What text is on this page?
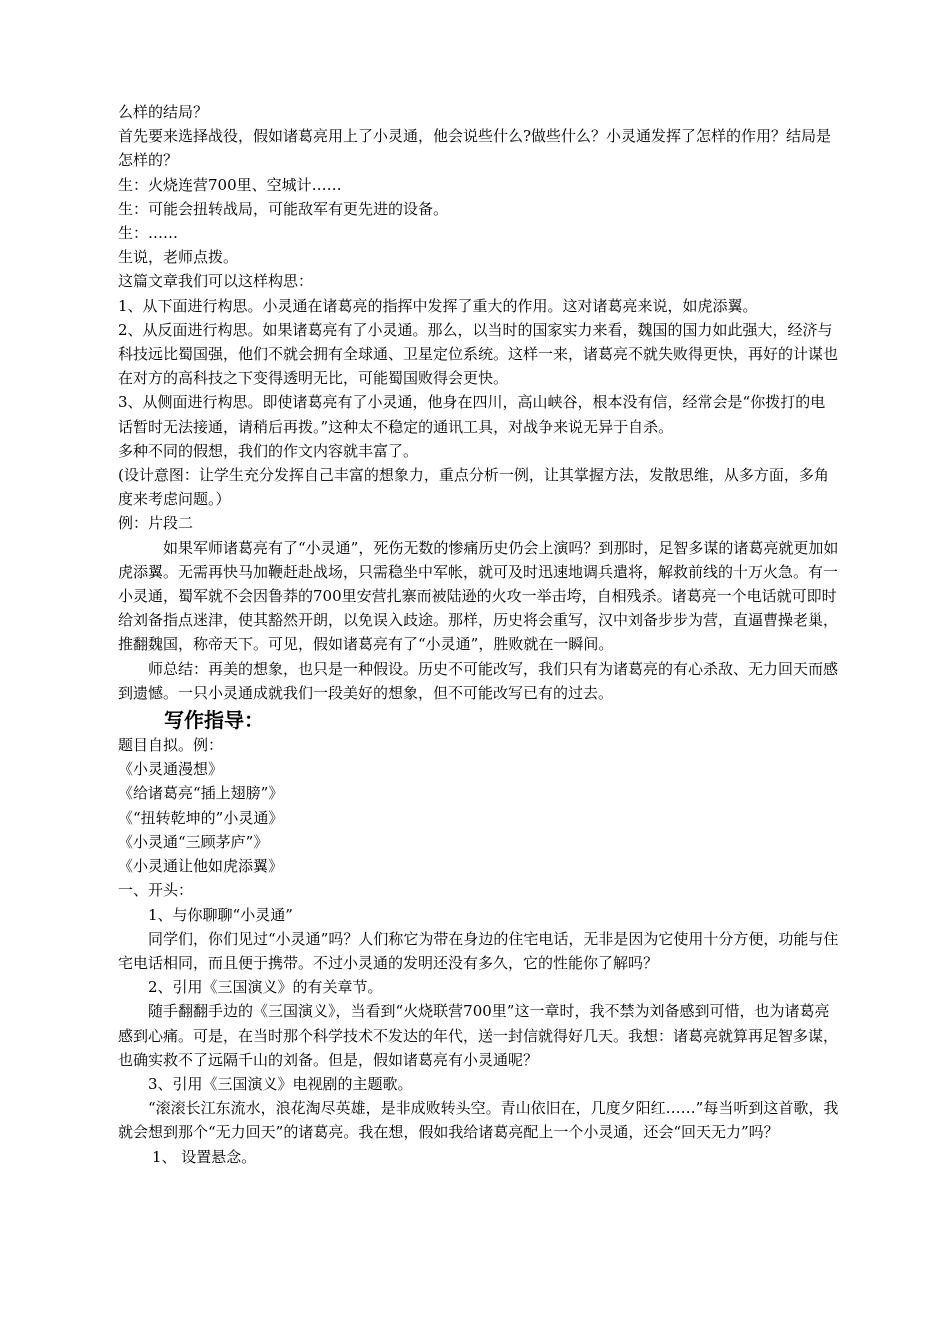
么样的结局？

首先要来选择战役，假如诸葛亮用上了小灵通，他会说些什么?做些什么？小灵通发挥了怎样的作用？结局是怎样的？

生：火烧连营700里、空城计……

生：可能会扭转战局，可能敌军有更先进的设备。

生：……

生说，老师点拨。

这篇文章我们可以这样构思：

1、从下面进行构思。小灵通在诸葛亮的指挥中发挥了重大的作用。这对诸葛亮来说，如虎添翼。

2、从反面进行构思。如果诸葛亮有了小灵通。那么，以当时的国家实力来看，魏国的国力如此强大，经济与科技远比蜀国强，他们不就会拥有全球通、卫星定位系统。这样一来，诸葛亮不就失败得更快，再好的计谋也在对方的高科技之下变得透明无比，可能蜀国败得会更快。

3、从侧面进行构思。即使诸葛亮有了小灵通，他身在四川，高山峡谷，根本没有信，经常会是“你拨打的电话暂时无法接通，请稍后再拨。”这种太不稳定的通讯工具，对战争来说无异于自杀。

多种不同的假想，我们的作文内容就丰富了。

(设计意图：让学生充分发挥自己丰富的想象力，重点分析一例，让其掌握方法，发散思维，从多方面，多角度来考虑问题。）

例：片段二

如果军师诸葛亮有了“小灵通”，死伤无数的惨痛历史仍会上演吗？到那时，足智多谋的诸葛亮就更加如虎添翼。无需再快马加鞭赶赴战场，只需稳坐中军帐，就可及时迅速地调兵遣将，解救前线的十万火急。有一小灵通，蜀军就不会因鲁莽的700里安营扎寨而被陆逊的火攻一举击垮，自相残杀。诸葛亮一个电话就可即时给刘备指点迷津，使其豁然开朗，以免误入歧途。那样，历史将会重写，汉中刘备步步为营，直逼曹操老巢，推翻魏国，称帝天下。可见，假如诸葛亮有了“小灵通”，胜败就在一瞬间。

师总结：再美的想象，也只是一种假设。历史不可能改写，我们只有为诸葛亮的有心杀敌、无力回天而感到遗憾。一只小灵通成就我们一段美好的想象，但不可能改写已有的过去。

写作指导：

题目自拟。例：

《小灵通漫想》

《给诸葛亮“插上翅膀”》

《“扭转乾坤的”小灵通》

《小灵通“三顾茅庐”》

《小灵通让他如虎添翼》

一、开头：

1、与你聊聊“小灵通”

同学们，你们见过“小灵通”吗？人们称它为带在身边的住宅电话，无非是因为它使用十分方便，功能与住宅电话相同，而且便于携带。不过小灵通的发明还没有多久，它的性能你了解吗？

2、引用《三国演义》的有关章节。

随手翻翻手边的《三国演义》，当看到“火烧联营700里”这一章时，我不禁为刘备感到可惜，也为诸葛亮感到心痛。可是，在当时那个科学技术不发达的年代，送一封信就得好几天。我想：诸葛亮就算再足智多谋，也确实救不了远隔千山的刘备。但是，假如诸葛亮有小灵通呢？

3、引用《三国演义》电视剧的主题歌。

“滚滚长江东流水，浪花淘尽英雄，是非成败转头空。青山依旧在，几度夕阳红……”每当听到这首歌，我就会想到那个“无力回天”的诸葛亮。我在想，假如我给诸葛亮配上一个小灵通，还会“回天无力”吗？

1、 设置悬念。
